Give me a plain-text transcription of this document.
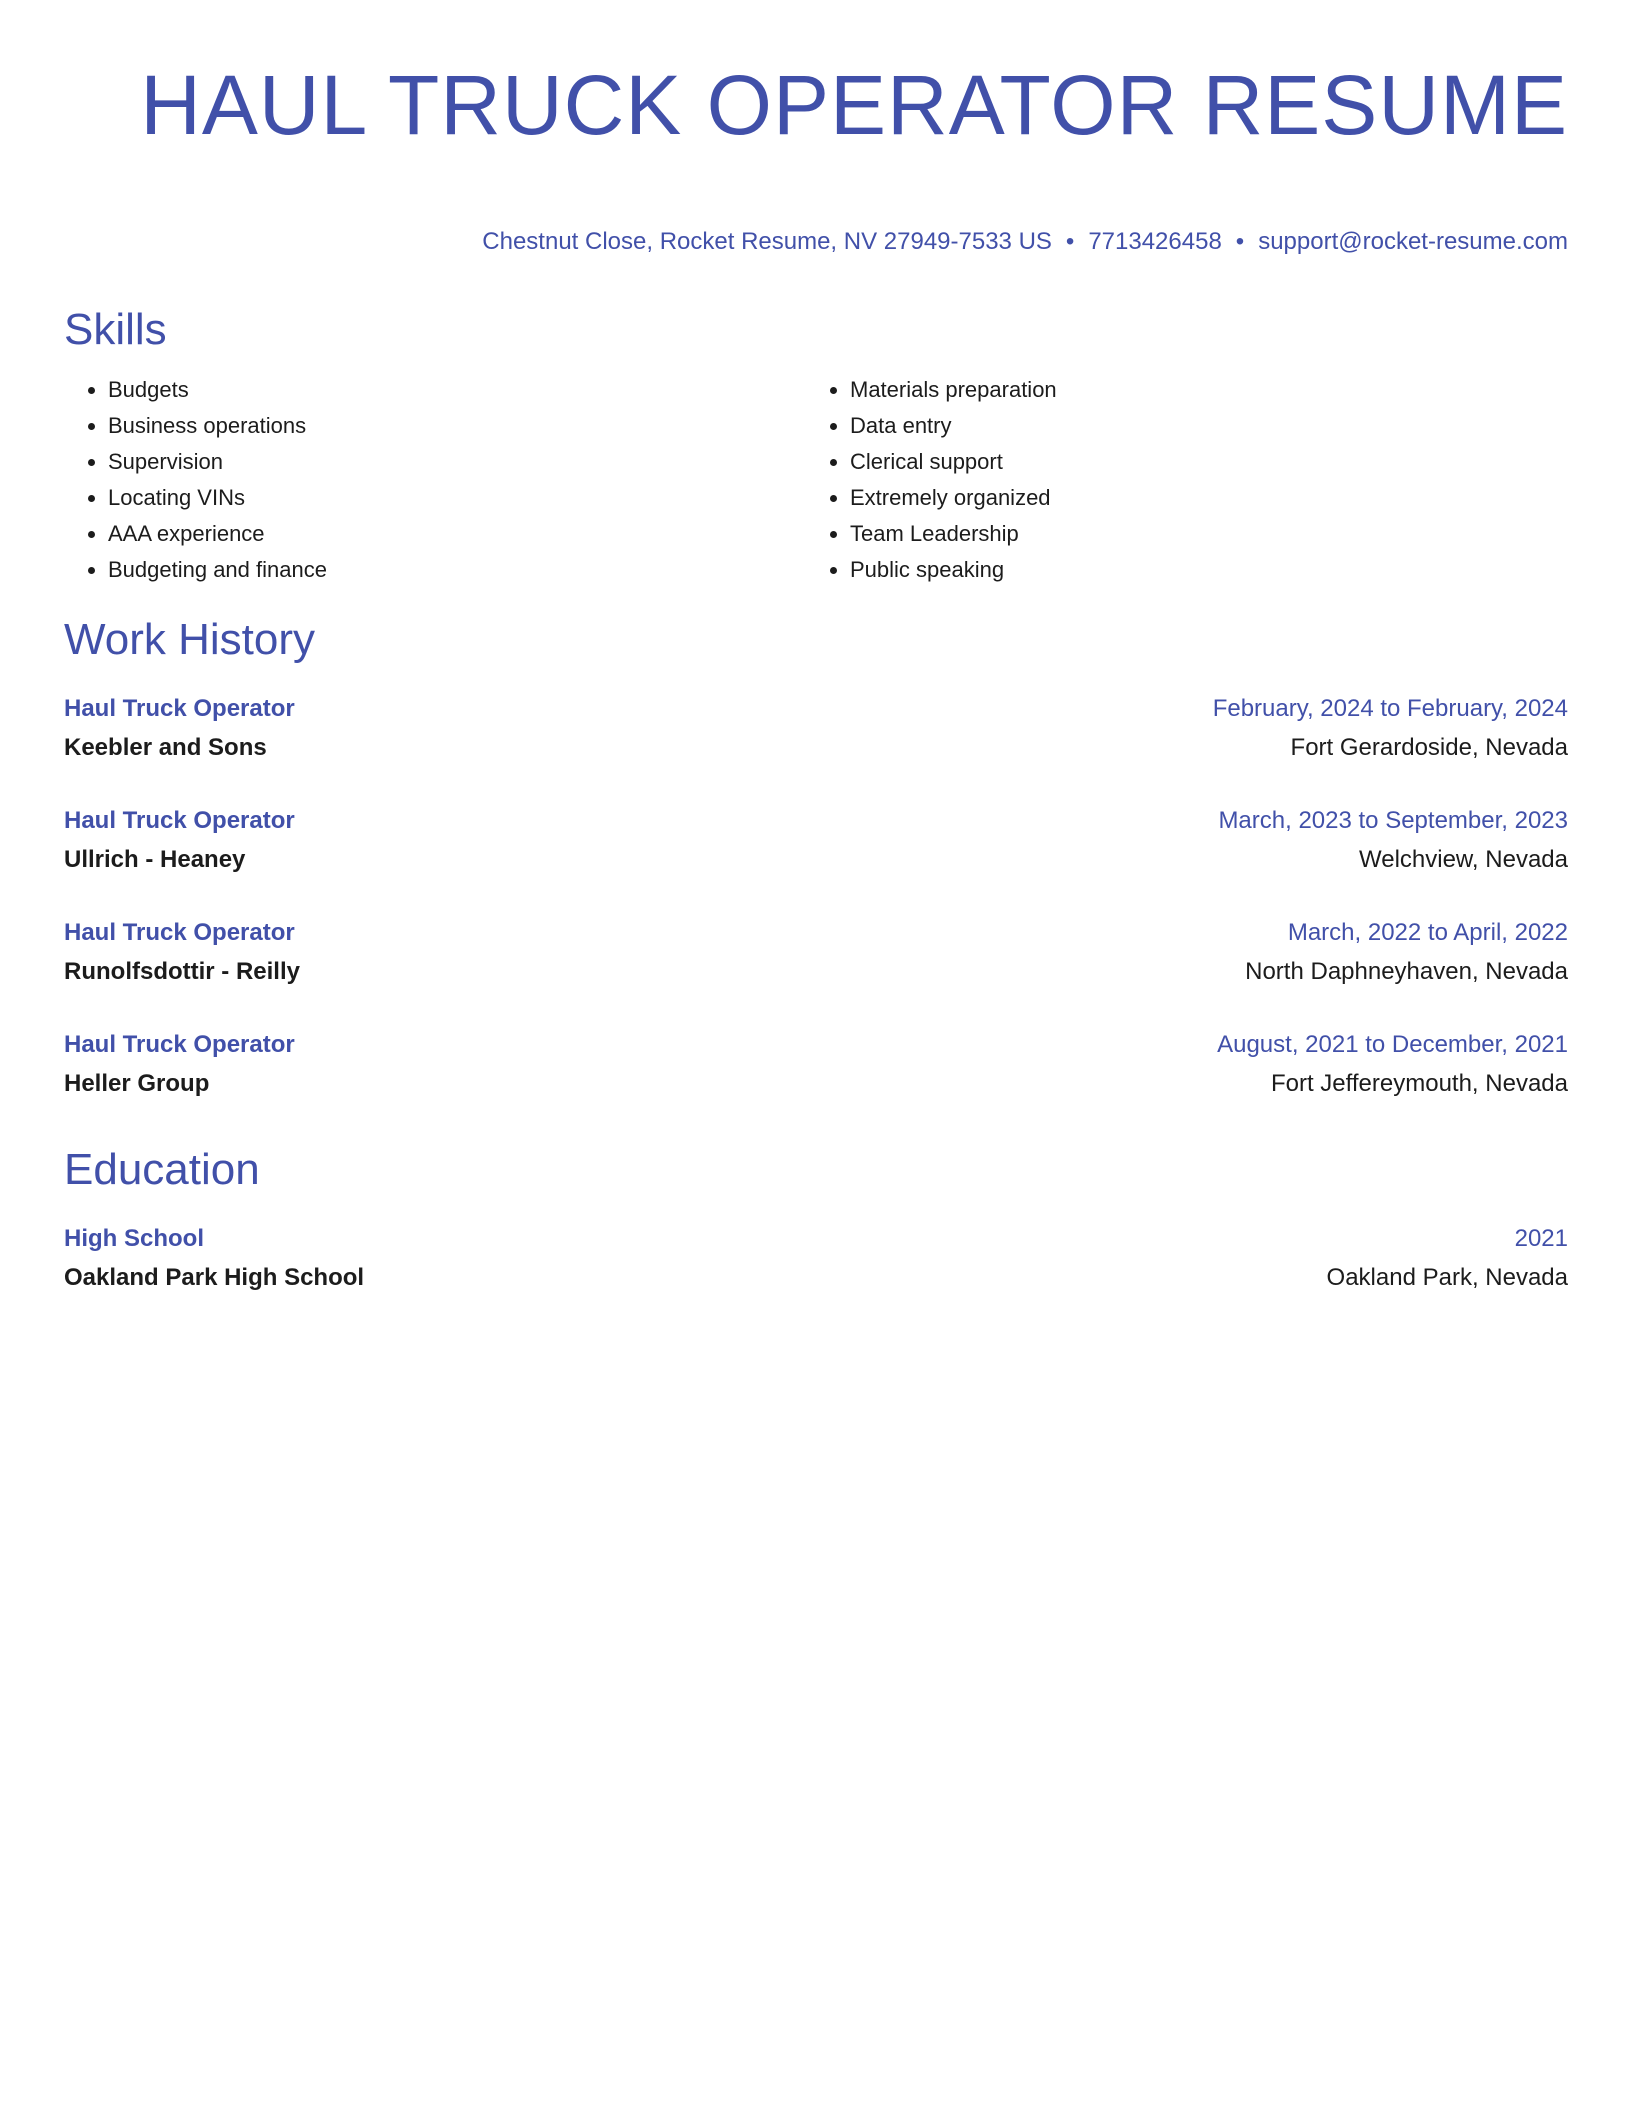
HAUL TRUCK OPERATOR RESUME
Chestnut Close, Rocket Resume, NV 27949-7533 US • 7713426458 • support@rocket-resume.com
Skills
• Budgets
• Business operations
• Supervision
• Locating VINs
• AAA experience
• Budgeting and finance
• Materials preparation
• Data entry
• Clerical support
• Extremely organized
• Team Leadership
• Public speaking
Work History
Haul Truck Operator	February, 2024 to February, 2024
Keebler and Sons	Fort Gerardoside, Nevada
Haul Truck Operator	March, 2023 to September, 2023
Ullrich - Heaney	Welchview, Nevada
Haul Truck Operator	March, 2022 to April, 2022
Runolfsdottir - Reilly	North Daphneyhaven, Nevada
Haul Truck Operator	August, 2021 to December, 2021
Heller Group	Fort Jeffereymouth, Nevada
Education
High School	2021
Oakland Park High School	Oakland Park, Nevada
